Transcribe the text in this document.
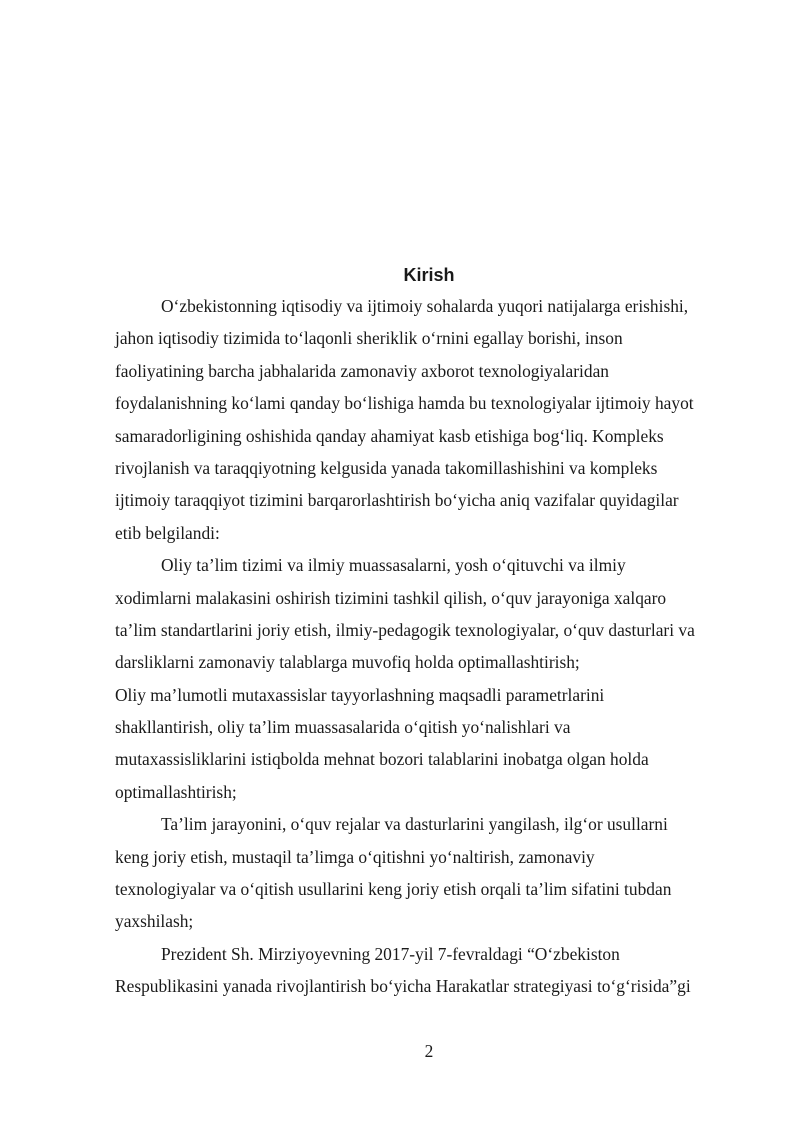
Kirish
O‘zbekistonning iqtisodiy va ijtimoiy sohalarda yuqori natijalarga erishishi,
jahon iqtisodiy tizimida to‘laqonli sheriklik o‘rnini egallay borishi, inson
faoliyatining barcha jabhalarida zamonaviy axborot texnologiyalaridan
foydalanishning ko‘lami qanday bo‘lishiga hamda bu texnologiyalar ijtimoiy hayot
samaradorligining oshishida qanday ahamiyat kasb etishiga bog‘liq. Kompleks
rivojlanish va taraqqiyotning kelgusida yanada takomillashishini va kompleks
ijtimoiy taraqqiyot tizimini barqarorlashtirish bo‘yicha aniq vazifalar quyidagilar
etib belgilandi:
Oliy ta’lim tizimi va ilmiy muassasalarni, yosh o‘qituvchi va ilmiy
xodimlarni malakasini oshirish tizimini tashkil qilish, o‘quv jarayoniga xalqaro
ta’lim standartlarini joriy etish, ilmiy-pedagogik texnologiyalar, o‘quv dasturlari va
darsliklarni zamonaviy talablarga muvofiq holda optimallashtirish;
Oliy ma’lumotli mutaxassislar tayyorlashning maqsadli parametrlarini
shakllantirish, oliy ta’lim muassasalarida o‘qitish yo‘nalishlari va
mutaxassisliklarini istiqbolda mehnat bozori talablarini inobatga olgan holda
optimallashtirish;
Ta’lim jarayonini, o‘quv rejalar va dasturlarini yangilash, ilg‘or usullarni
keng joriy etish, mustaqil ta’limga o‘qitishni yo‘naltirish, zamonaviy
texnologiyalar va o‘qitish usullarini keng joriy etish orqali ta’lim sifatini tubdan
yaxshilash;
Prezident Sh. Mirziyoyevning 2017-yil 7-fevraldagi “O‘zbekiston
Respublikasini yanada rivojlantirish bo‘yicha Harakatlar strategiyasi to‘g‘risida”gi
2
